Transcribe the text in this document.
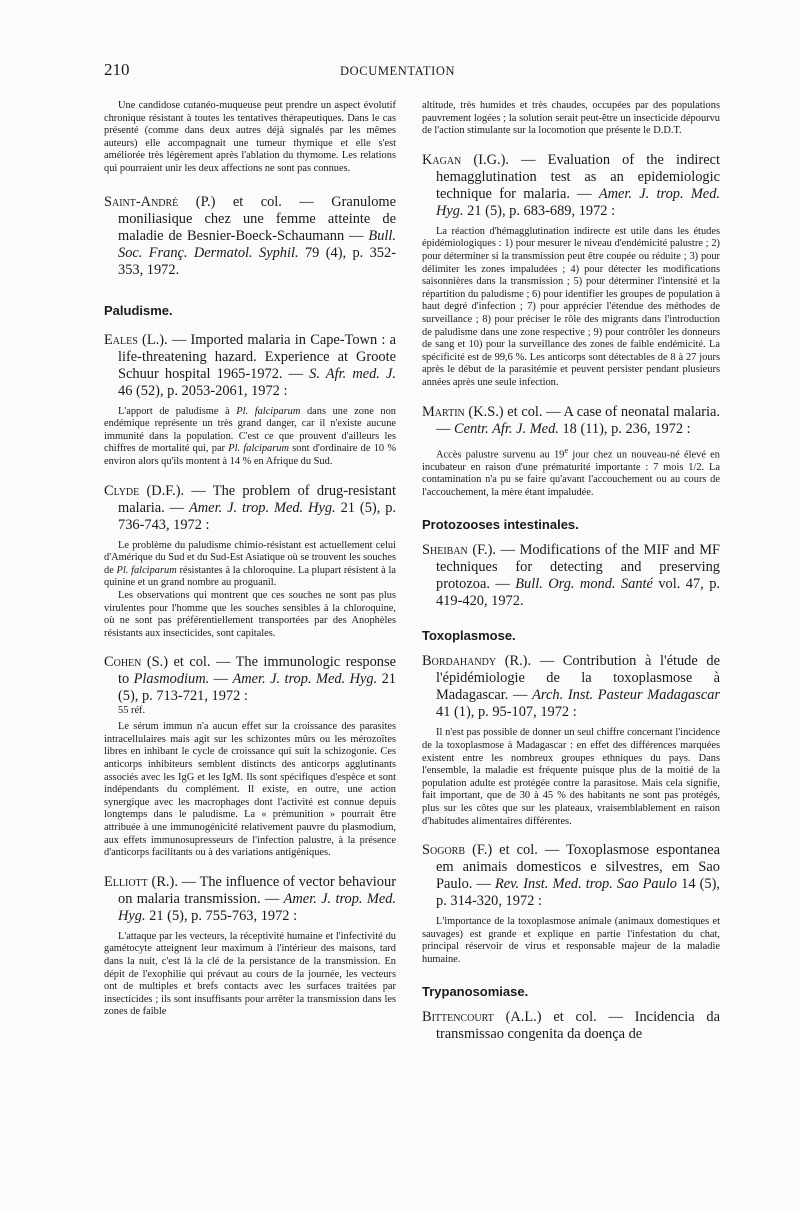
210	DOCUMENTATION

Une candidose cutanéo-muqueuse peut prendre un aspect évolutif chronique résistant à toutes les tentatives thérapeutiques. Dans le cas présenté (comme dans deux autres déjà signalés par les mêmes auteurs) elle accompagnait une tumeur thymique et elle s'est améliorée très légèrement après l'ablation du thymome. Les relations qui pourraient unir les deux affections ne sont pas connues.

Saint-André (P.) et col. — Granulome moniliasique chez une femme atteinte de maladie de Besnier-Boeck-Schaumann — Bull. Soc. Franç. Dermatol. Syphil. 79 (4), p. 352-353, 1972.

Paludisme.

Eales (L.). — Imported malaria in Cape-Town : a life-threatening hazard. Experience at Groote Schuur hospital 1965-1972. — S. Afr. med. J. 46 (52), p. 2053-2061, 1972 :

L'apport de paludisme à Pl. falciparum dans une zone non endémique représente un très grand danger, car il n'existe aucune immunité dans la population. C'est ce que prouvent d'ailleurs les chiffres de mortalité qui, par Pl. falciparum sont d'ordinaire de 10 % environ alors qu'ils montent à 14 % en Afrique du Sud.

Clyde (D.F.). — The problem of drug-resistant malaria. — Amer. J. trop. Med. Hyg. 21 (5), p. 736-743, 1972 :

Le problème du paludisme chimio-résistant est actuellement celui d'Amérique du Sud et du Sud-Est Asiatique où se trouvent les souches de Pl. falciparum résistantes à la chloroquine. La plupart résistent à la quinine et un grand nombre au proguanil.

Les observations qui montrent que ces souches ne sont pas plus virulentes pour l'homme que les souches sensibles à la chloroquine, où ne sont pas préférentiellement transportées par des Anophèles résistants aux insecticides, sont capitales.

Cohen (S.) et col. — The immunologic response to Plasmodium. — Amer. J. trop. Med. Hyg. 21 (5), p. 713-721, 1972 :

55 réf.

Le sérum immun n'a aucun effet sur la croissance des parasites intracellulaires mais agit sur les schizontes mûrs ou les mérozoïtes libres en inhibant le cycle de croissance qui suit la schizogonie. Ces anticorps inhibiteurs semblent distincts des anticorps agglutinants associés avec les IgG et les IgM. Ils sont spécifiques d'espèce et sont indépendants du complément. Il existe, en outre, une action synergique avec les macrophages dont l'activité est connue depuis longtemps dans le paludisme. La « prémunition » pourrait être attribuée à une immunogénicité relativement pauvre du plasmodium, aux effets immunosupresseurs de l'infection palustre, à la présence d'anticorps facilitants ou à des variations antigéniques.

Elliott (R.). — The influence of vector behaviour on malaria transmission. — Amer. J. trop. Med. Hyg. 21 (5), p. 755-763, 1972 :

L'attaque par les vecteurs, la réceptivité humaine et l'infectivité du gamétocyte atteignent leur maximum à l'intérieur des maisons, tard dans la nuit, c'est là la clé de la persistance de la transmission. En dépit de l'exophilie qui prévaut au cours de la journée, les vecteurs ont de multiples et brefs contacts avec les surfaces traitées par insecticides ; ils sont insuffisants pour arrêter la transmission dans les zones de faible

altitude, très humides et très chaudes, occupées par des populations pauvrement logées ; la solution serait peut-être un insecticide dépourvu de l'action stimulante sur la locomotion que présente le D.D.T.

Kagan (I.G.). — Evaluation of the indirect hemagglutination test as an epidemiologic technique for malaria. — Amer. J. trop. Med. Hyg. 21 (5), p. 683-689, 1972 :

La réaction d'hémagglutination indirecte est utile dans les études épidémiologiques : 1) pour mesurer le niveau d'endémicité palustre ; 2) pour déterminer si la transmission peut être coupée ou réduite ; 3) pour délimiter les zones impaludées ; 4) pour détecter les modifications saisonnières dans la transmission ; 5) pour déterminer l'intensité et la répartition du paludisme ; 6) pour identifier les groupes de population à haut degré d'infection ; 7) pour apprécier l'étendue des méthodes de surveillance ; 8) pour préciser le rôle des migrants dans l'introduction de paludisme dans une zone respective ; 9) pour contrôler les donneurs de sang et 10) pour la surveillance des zones de faible endémicité. La spécificité est de 99,6 %. Les anticorps sont détectables de 8 à 27 jours après le début de la parasitémie et peuvent persister pendant plusieurs années après une seule infection.

Martin (K.S.) et col. — A case of neonatal malaria. — Centr. Afr. J. Med. 18 (11), p. 236, 1972 :

Accès palustre survenu au 19e jour chez un nouveau-né élevé en incubateur en raison d'une prématurité importante : 7 mois 1/2. La contamination n'a pu se faire qu'avant l'accouchement ou au cours de l'accouchement, la mère étant impaludée.

Protozooses intestinales.

Sheiban (F.). — Modifications of the MIF and MF techniques for detecting and preserving protozoa. — Bull. Org. mond. Santé vol. 47, p. 419-420, 1972.

Toxoplasmose.

Bordahandy (R.). — Contribution à l'étude de l'épidémiologie de la toxoplasmose à Madagascar. — Arch. Inst. Pasteur Madagascar 41 (1), p. 95-107, 1972 :

Il n'est pas possible de donner un seul chiffre concernant l'incidence de la toxoplasmose à Madagascar : en effet des différences marquées existent entre les nombreux groupes ethniques du pays. Dans l'ensemble, la maladie est fréquente puisque plus de la moitié de la population adulte est protégée contre la parasitose. Mais cela signifie, fait important, que de 30 à 45 % des habitants ne sont pas protégés, plus sur les côtes que sur les plateaux, vraisemblablement en raison d'habitudes alimentaires différentes.

Sogorb (F.) et col. — Toxoplasmose espontanea em animais domesticos e silvestres, em Sao Paulo. — Rev. Inst. Med. trop. Sao Paulo 14 (5), p. 314-320, 1972 :

L'importance de la toxoplasmose animale (animaux domestiques et sauvages) est grande et explique en partie l'infestation du chat, principal réservoir de virus et responsable majeur de la maladie humaine.

Trypanosomiase.

Bittencourt (A.L.) et col. — Incidencia da transmissao congenita da doença de
